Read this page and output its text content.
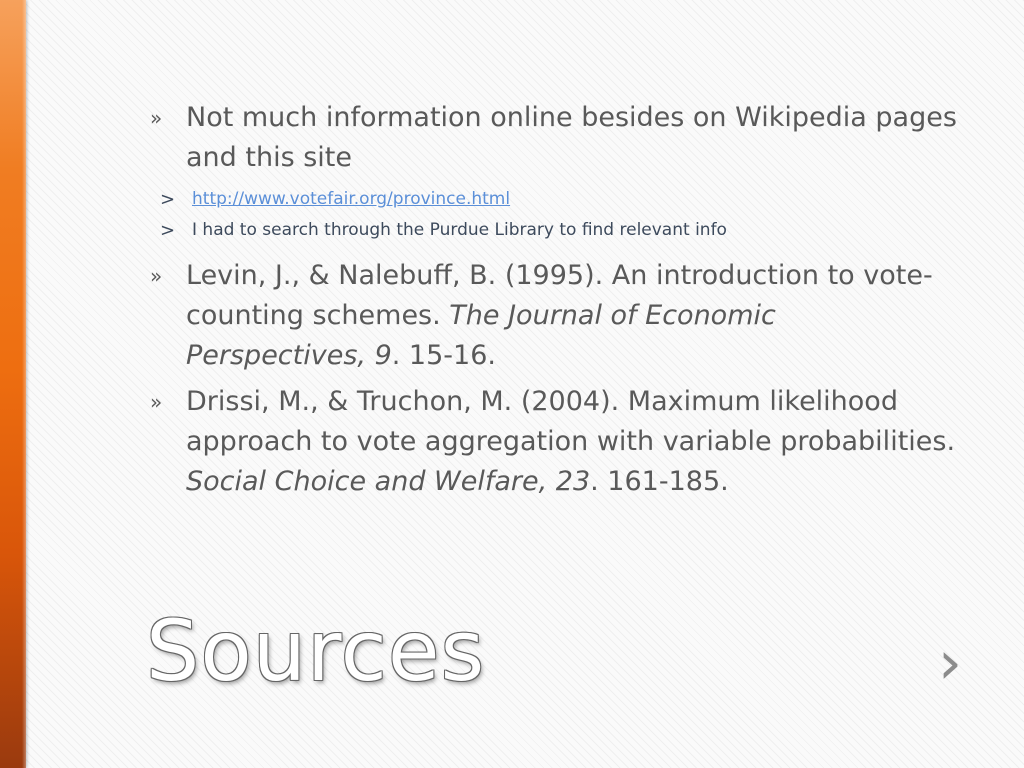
» Not much information online besides on Wikipedia pages and this site
> http://www.votefair.org/province.html
> I had to search through the Purdue Library to find relevant info
» Levin, J., & Nalebuff, B. (1995). An introduction to vote-counting schemes. The Journal of Economic Perspectives, 9. 15-16.
» Drissi, M., & Truchon, M. (2004). Maximum likelihood approach to vote aggregation with variable probabilities. Social Choice and Welfare, 23. 161-185.
Sources	›
